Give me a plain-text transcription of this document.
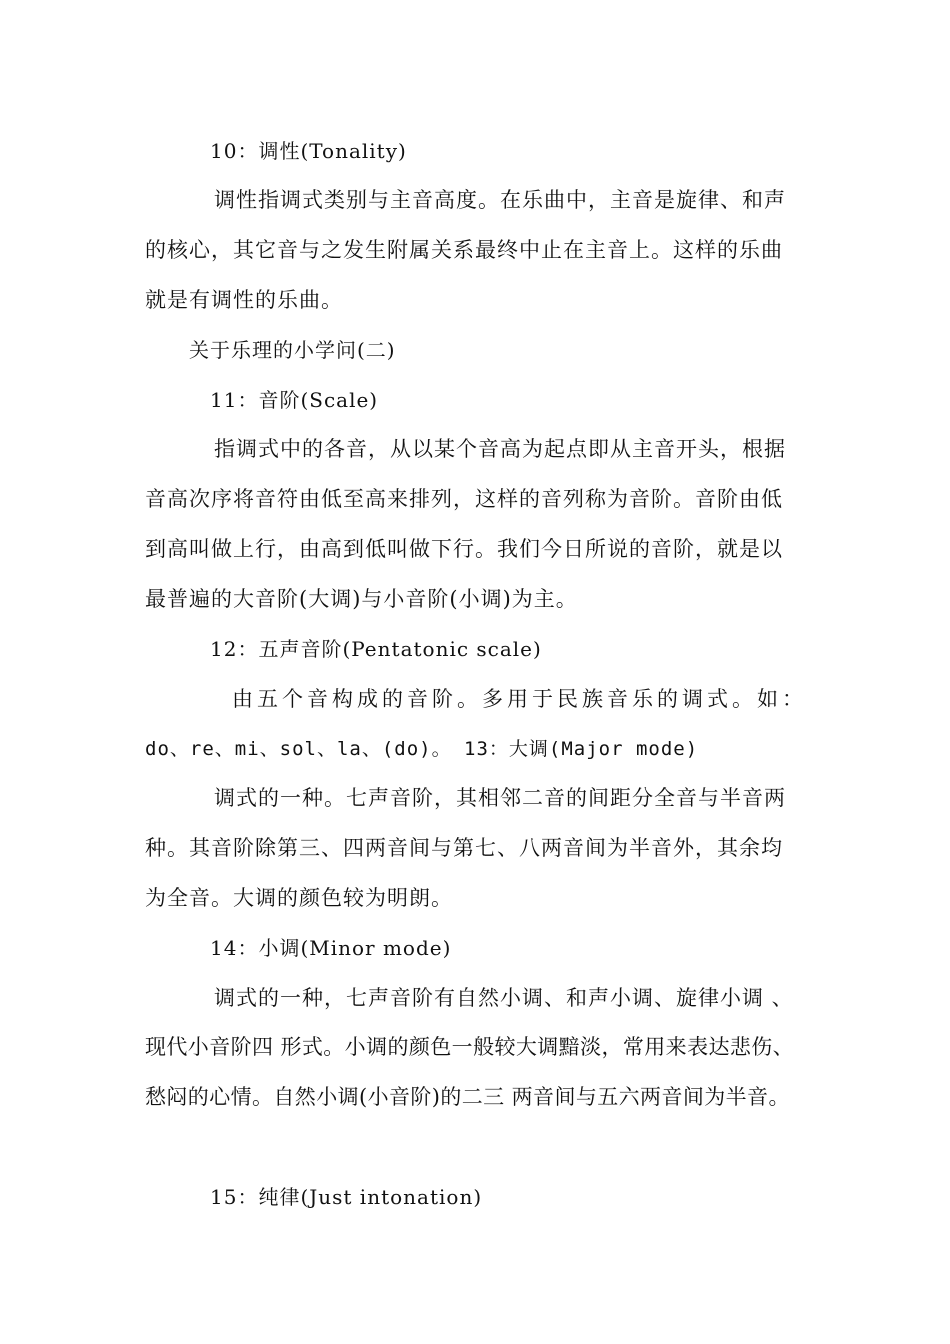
10：调性(Tonality)
调性指调式类别与主音高度。在乐曲中，主音是旋律、和声
的核心，其它音与之发生附属关系最终中止在主音上。这样的乐曲
就是有调性的乐曲。
关于乐理的小学问(二)
11：音阶(Scale)
指调式中的各音，从以某个音高为起点即从主音开头，根据
音高次序将音符由低至高来排列，这样的音列称为音阶。音阶由低
到高叫做上行，由高到低叫做下行。我们今日所说的音阶，就是以
最普遍的大音阶(大调)与小音阶(小调)为主。
12：五声音阶(Pentatonic scale)
由五个音构成的音阶。多用于民族音乐的调式。如：
do、re、mi、sol、la、(do)。 13：大调(Major mode)
调式的一种。七声音阶，其相邻二音的间距分全音与半音两
种。其音阶除第三、四两音间与第七、八两音间为半音外，其余均
为全音。大调的颜色较为明朗。
14：小调(Minor mode)
调式的一种，七声音阶有自然小调、和声小调、旋律小调 、
现代小音阶四 形式。小调的颜色一般较大调黯淡，常用来表达悲伤、
愁闷的心情。自然小调(小音阶)的二三 两音间与五六两音间为半音。
15：纯律(Just intonation)
